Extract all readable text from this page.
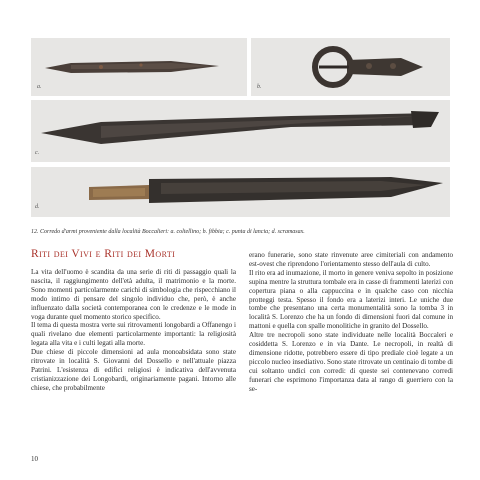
a.	b.
c.
d.

12. Corredo d'armi proveniente dalla località Boccalieri: a. coltellino; b. fibbia; c. punta di lancia; d. scramasax.

Riti dei Vivi e Riti dei Morti

La vita dell'uomo è scandita da una serie di riti di passaggio quali la nascita, il raggiungimento dell'età adulta, il matrimonio e la morte. Sono momenti particolarmente carichi di simbologia che rispecchiano il modo intimo di pensare del singolo individuo che, però, è anche influenzato dalla società contemporanea con le credenze e le mode in voga durante quel momento storico specifico.

Il tema di questa mostra verte sui ritrovamenti longobardi a Offanengo i quali rivelano due elementi particolarmente importanti: la religiosità legata alla vita e i culti legati alla morte.

Due chiese di piccole dimensioni ad aula monoabsidata sono state ritrovate in località S. Giovanni del Dossello e nell'attuale piazza Patrini. L'esistenza di edifici religiosi è indicativa dell'avvenuta cristianizzazione dei Longobardi, originariamente pagani. Intorno alle chiese, che probabilmente

erano funerarie, sono state rinvenute aree cimiteriali con andamento est-ovest che riprendono l'orientamento stesso dell'aula di culto.

Il rito era ad inumazione, il morto in genere veniva sepolto in posizione supina mentre la struttura tombale era in casse di frammenti laterizi con copertura piana o alla cappuccina e in qualche caso con nicchia protteggi testa. Spesso il fondo era a laterizi interi. Le uniche due tombe che presentano una certa monumentalità sono la tomba 3 in località S. Lorenzo che ha un fondo di dimensioni fuori dal comune in mattoni e quella con spalle monolitiche in granito del Dossello.

Altre tre necropoli sono state individuate nelle località Boccaleri e cosiddetta S. Lorenzo e in via Dante. Le necropoli, in realtà di dimensione ridotte, potrebbero essere di tipo prediale cioè legate a un piccolo nucleo insediativo. Sono state ritrovate un centinaio di tombe di cui soltanto undici con corredi: di queste sei contenevano corredi funerari che esprimono l'importanza data al rango di guerriero con la se-

10
